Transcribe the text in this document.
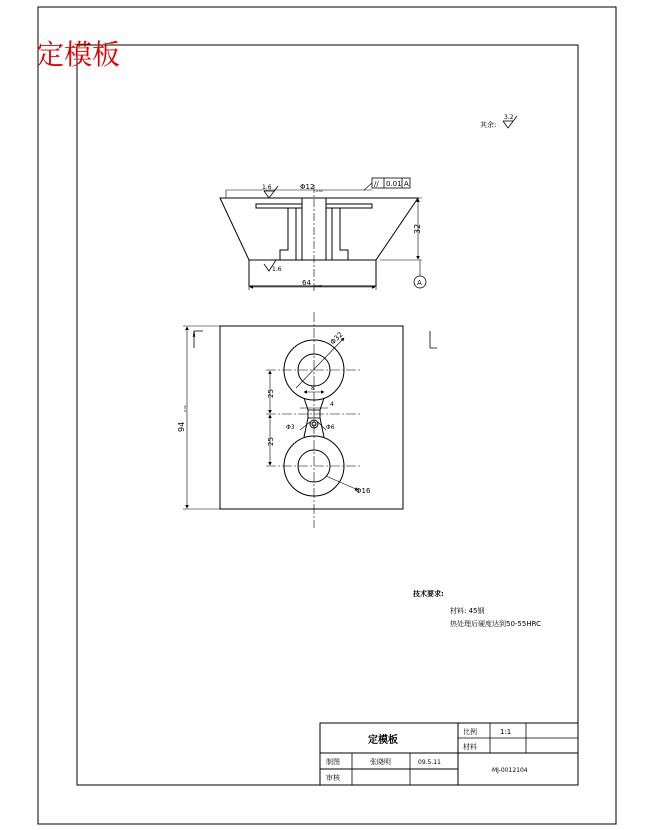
定模板
其余:
3.2
1.6	Φ12 -0.02
// 0.01 A
32
1.6
64 -0.02	A
94
-0.02
25
25
8
4
Φ32
Φ3	Φ6
Φ16
技术要求:
材料: 45钢
热处理后硬度达到50-55HRC
定模板
比例	1:1
材料
制图	张晓明	09.5.11
MJ-0012104
审核
